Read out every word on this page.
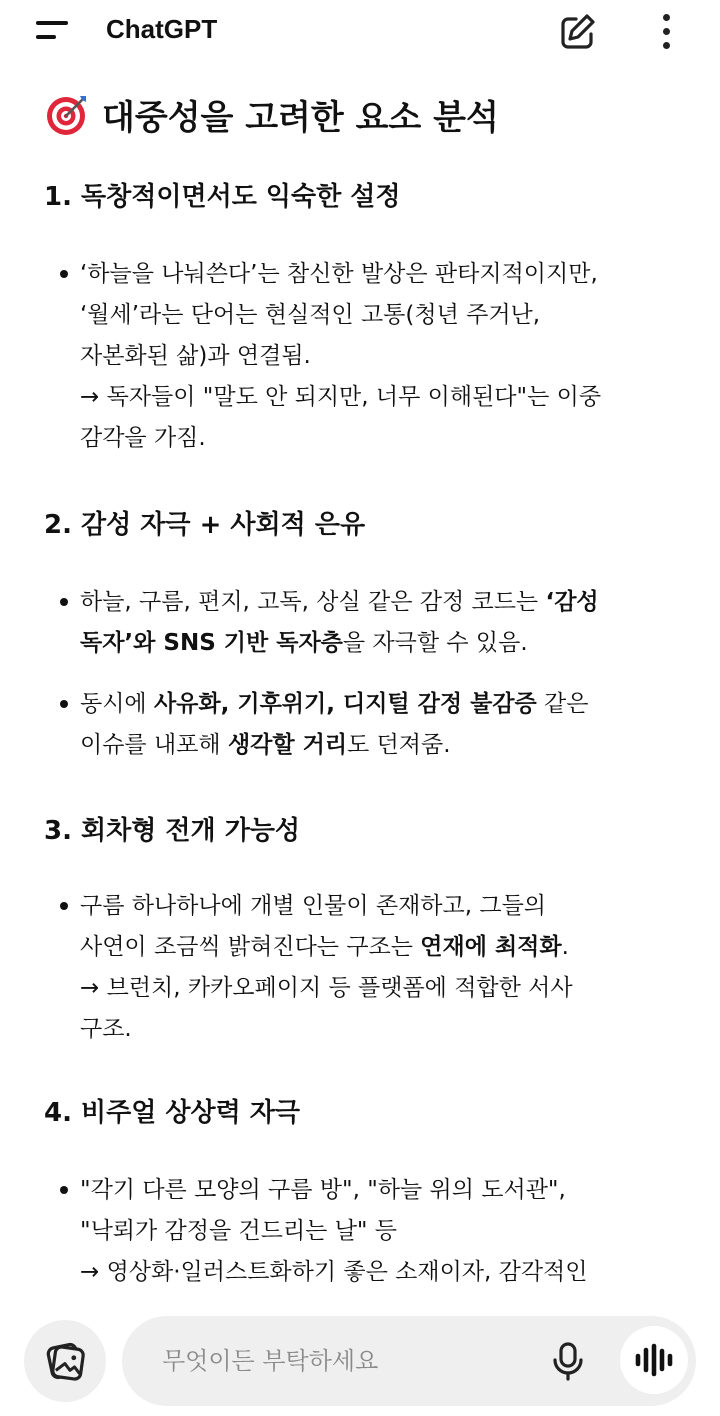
ChatGPT
대중성을 고려한 요소 분석
1. 독창적이면서도 익숙한 설정
‘하늘을 나눠쓴다’는 참신한 발상은 판타지적이지만,
‘월세’라는 단어는 현실적인 고통(청년 주거난,
자본화된 삶)과 연결됨.
→ 독자들이 "말도 안 되지만, 너무 이해된다"는 이중
감각을 가짐.
2. 감성 자극 + 사회적 은유
하늘, 구름, 편지, 고독, 상실 같은 감정 코드는 ‘감성
독자’와 SNS 기반 독자층을 자극할 수 있음.
동시에 사유화, 기후위기, 디지털 감정 불감증 같은
이슈를 내포해 생각할 거리도 던져줌.
3. 회차형 전개 가능성
구름 하나하나에 개별 인물이 존재하고, 그들의
사연이 조금씩 밝혀진다는 구조는 연재에 최적화.
→ 브런치, 카카오페이지 등 플랫폼에 적합한 서사
구조.
4. 비주얼 상상력 자극
"각기 다른 모양의 구름 방", "하늘 위의 도서관",
"낙뢰가 감정을 건드리는 날" 등
→ 영상화·일러스트화하기 좋은 소재이자, 감각적인
무엇이든 부탁하세요
